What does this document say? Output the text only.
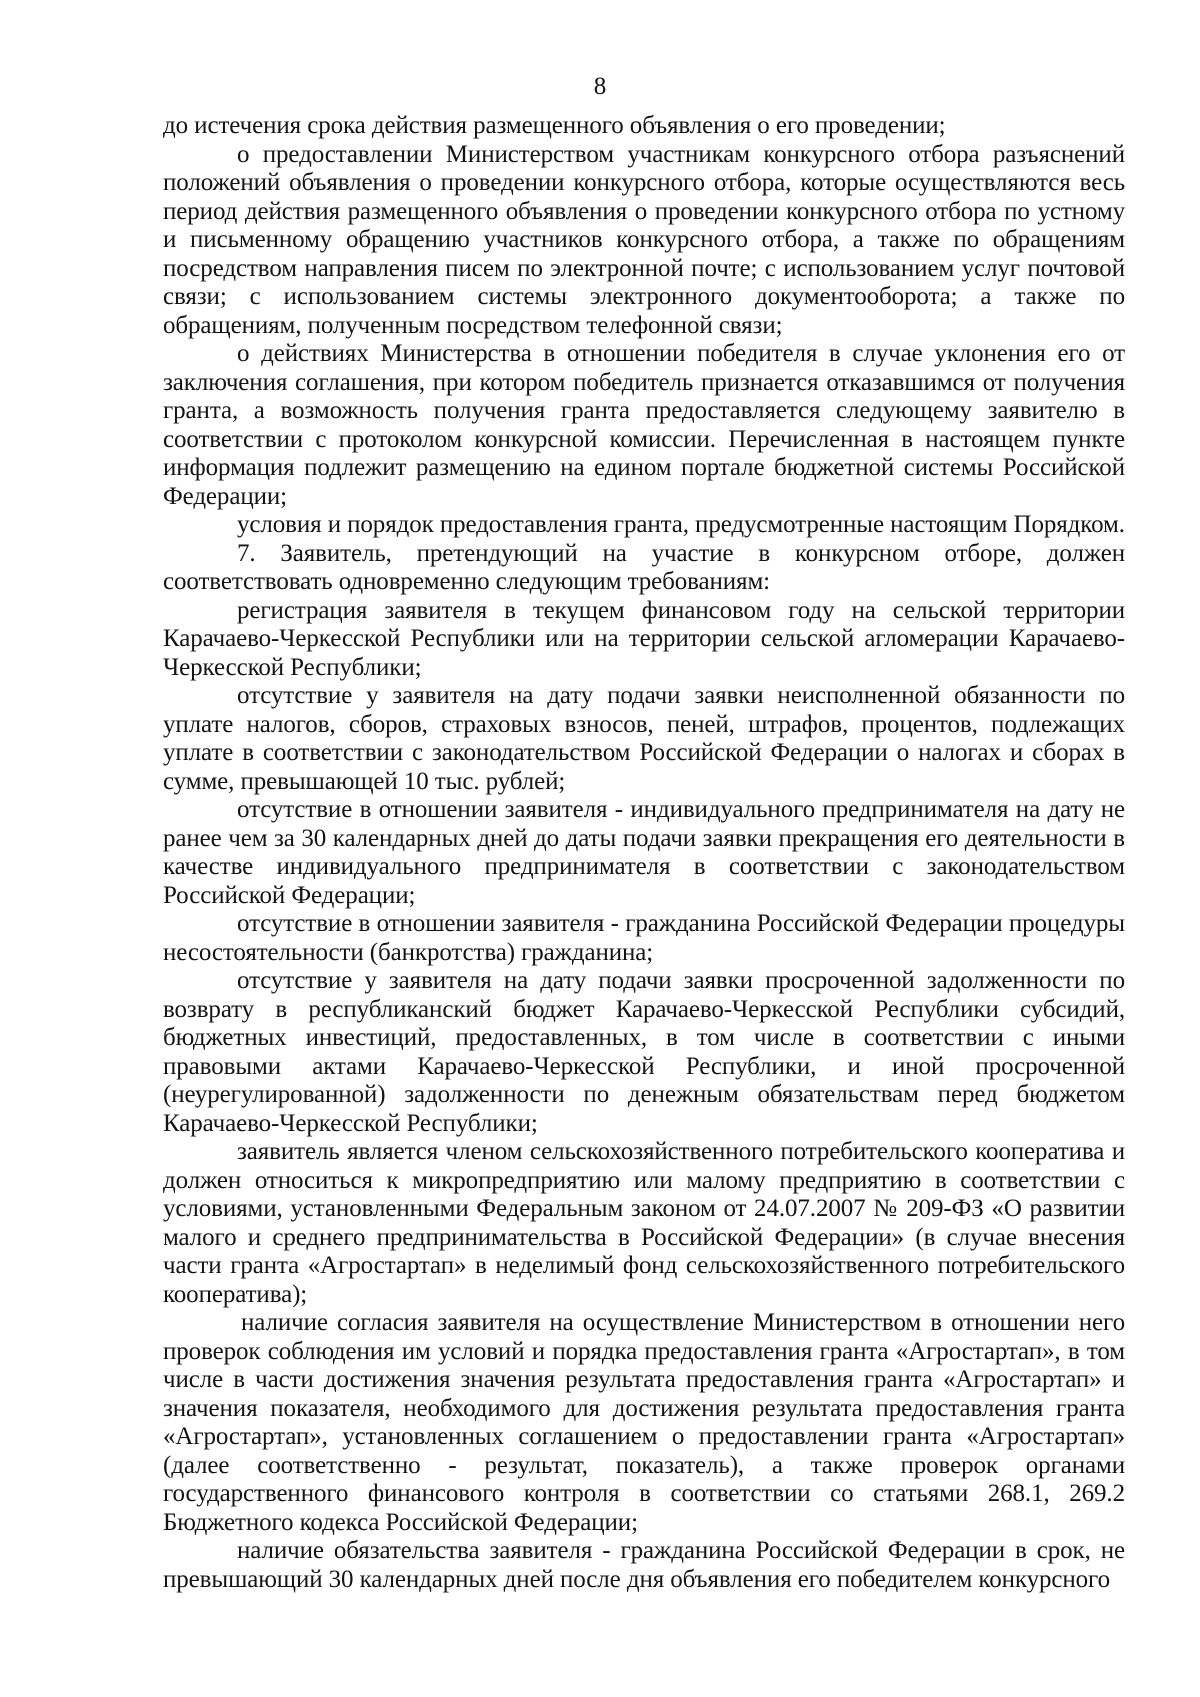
8

до истечения срока действия размещенного объявления о его проведении;

о предоставлении Министерством участникам конкурсного отбора разъяснений положений объявления о проведении конкурсного отбора, которые осуществляются весь период действия размещенного объявления о проведении конкурсного отбора по устному и письменному обращению участников конкурсного отбора, а также по обращениям посредством направления писем по электронной почте; с использованием услуг почтовой связи; с использованием системы электронного документооборота; а также по обращениям, полученным посредством телефонной связи;

о действиях Министерства в отношении победителя в случае уклонения его от заключения соглашения, при котором победитель признается отказавшимся от получения гранта, а возможность получения гранта предоставляется следующему заявителю в соответствии с протоколом конкурсной комиссии. Перечисленная в настоящем пункте информация подлежит размещению на едином портале бюджетной системы Российской Федерации;

условия и порядок предоставления гранта, предусмотренные настоящим Порядком.

7. Заявитель, претендующий на участие в конкурсном отборе, должен соответствовать одновременно следующим требованиям:

регистрация заявителя в текущем финансовом году на сельской территории Карачаево-Черкесской Республики или на территории сельской агломерации Карачаево-Черкесской Республики;

отсутствие у заявителя на дату подачи заявки неисполненной обязанности по уплате налогов, сборов, страховых взносов, пеней, штрафов, процентов, подлежащих уплате в соответствии с законодательством Российской Федерации о налогах и сборах в сумме, превышающей 10 тыс. рублей;

отсутствие в отношении заявителя - индивидуального предпринимателя на дату не ранее чем за 30 календарных дней до даты подачи заявки прекращения его деятельности в качестве индивидуального предпринимателя в соответствии с законодательством Российской Федерации;

отсутствие в отношении заявителя - гражданина Российской Федерации процедуры несостоятельности (банкротства) гражданина;

отсутствие у заявителя на дату подачи заявки просроченной задолженности по возврату в республиканский бюджет Карачаево-Черкесской Республики субсидий, бюджетных инвестиций, предоставленных, в том числе в соответствии с иными правовыми актами Карачаево-Черкесской Республики, и иной просроченной (неурегулированной) задолженности по денежным обязательствам перед бюджетом Карачаево-Черкесской Республики;

заявитель является членом сельскохозяйственного потребительского кооператива и должен относиться к микропредприятию или малому предприятию в соответствии с условиями, установленными Федеральным законом от 24.07.2007 № 209-ФЗ «О развитии малого и среднего предпринимательства в Российской Федерации» (в случае внесения части гранта «Агростартап» в неделимый фонд сельскохозяйственного потребительского кооператива);

наличие согласия заявителя на осуществление Министерством в отношении него проверок соблюдения им условий и порядка предоставления гранта «Агростартап», в том числе в части достижения значения результата предоставления гранта «Агростартап» и значения показателя, необходимого для достижения результата предоставления гранта «Агростартап», установленных соглашением о предоставлении гранта «Агростартап» (далее соответственно - результат, показатель), а также проверок органами государственного финансового контроля в соответствии со статьями 268.1, 269.2 Бюджетного кодекса Российской Федерации;

наличие обязательства заявителя - гражданина Российской Федерации в срок, не превышающий 30 календарных дней после дня объявления его победителем конкурсного
